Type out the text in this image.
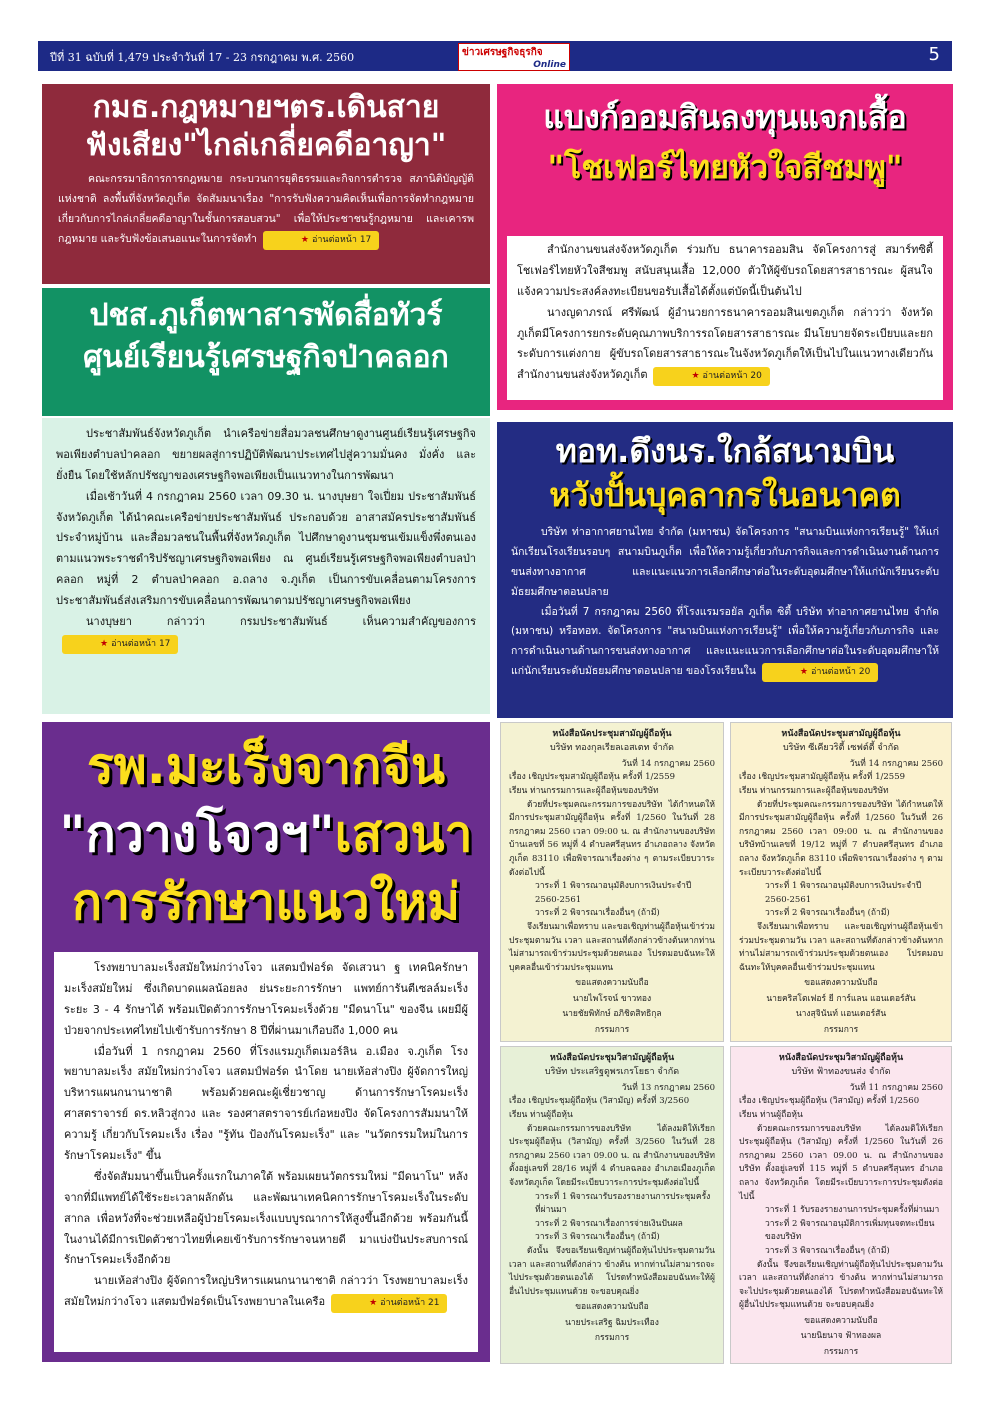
ปีที่ 31 ฉบับที่ 1,479 ประจำวันที่ 17 - 23 กรกฎาคม พ.ศ. 2560	ข่าวเศรษฐกิจธุรกิจ
Online	5
กมธ.กฎหมายฯตร.เดินสาย
ฟังเสียง"ไกล่เกลี่ยคดีอาญา"

คณะกรรมาธิการการกฎหมาย กระบวนการยุติธรรมและกิจการตำรวจ สภานิติบัญญัติแห่งชาติ ลงพื้นที่จังหวัดภูเก็ต จัดสัมมนาเรื่อง "การรับฟังความคิดเห็นเพื่อการจัดทำกฎหมายเกี่ยวกับการไกล่เกลี่ยคดีอาญาในชั้นการสอบสวน" เพื่อให้ประชาชนรู้กฎหมาย และเคารพกฎหมาย และรับฟังข้อเสนอแนะในการจัดทำ	★ อ่านต่อหน้า 17

แบงก์ออมสินลงทุนแจกเสื้อ
"โชเฟอร์ไทยหัวใจสีชมพู"

สำนักงานขนส่งจังหวัดภูเก็ต ร่วมกับ ธนาคารออมสิน จัดโครงการสู่ สมาร์ทซิตี้ โชเฟอร์ไทยหัวใจสีชมพู สนับสนุนเสื้อ 12,000 ตัวให้ผู้ขับรถโดยสารสาธารณะ ผู้สนใจ แจ้งความประสงค์ลงทะเบียนขอรับเสื้อได้ตั้งแต่บัดนี้เป็นต้นไป

นางญดาภรณ์ ศรีพัฒน์ ผู้อำนวยการธนาคารออมสินเขตภูเก็ต กล่าวว่า จังหวัดภูเก็ตมีโครงการยกระดับคุณภาพบริการรถโดยสารสาธารณะ มีนโยบายจัดระเบียบและยกระดับการแต่งกาย ผู้ขับรถโดยสารสาธารณะในจังหวัดภูเก็ตให้เป็นไปในแนวทางเดียวกัน สำนักงานขนส่งจังหวัดภูเก็ต	★ อ่านต่อหน้า 20

ปชส.ภูเก็ตพาสารพัดสื่อทัวร์
ศูนย์เรียนรู้เศรษฐกิจป่าคลอก

ประชาสัมพันธ์จังหวัดภูเก็ต นำเครือข่ายสื่อมวลชนศึกษาดูงานศูนย์เรียนรู้เศรษฐกิจพอเพียงตำบลป่าคลอก ขยายผลสู่การปฏิบัติพัฒนาประเทศไปสู่ความมั่นคง มั่งคั่ง และยั่งยืน โดยใช้หลักปรัชญาของเศรษฐกิจพอเพียงเป็นแนวทางในการพัฒนา

เมื่อเช้าวันที่ 4 กรกฎาคม 2560 เวลา 09.30 น. นางบุษยา ใจเปี่ยม ประชาสัมพันธ์จังหวัดภูเก็ต ได้นำคณะเครือข่ายประชาสัมพันธ์ ประกอบด้วย อาสาสมัครประชาสัมพันธ์ประจำหมู่บ้าน และสื่อมวลชนในพื้นที่จังหวัดภูเก็ต ไปศึกษาดูงานชุมชนเข้มแข็งพึ่งตนเอง ตามแนวพระราชดำริปรัชญาเศรษฐกิจพอเพียง ณ ศูนย์เรียนรู้เศรษฐกิจพอเพียงตำบลป่าคลอก หมู่ที่ 2 ตำบลป่าคลอก อ.ถลาง จ.ภูเก็ต เป็นการขับเคลื่อนตามโครงการประชาสัมพันธ์ส่งเสริมการขับเคลื่อนการพัฒนาตามปรัชญาเศรษฐกิจพอเพียง

นางบุษยา กล่าวว่า กรมประชาสัมพันธ์ เห็นความสำคัญของการ★ อ่านต่อหน้า 17

ทอท.ดึงนร.ใกล้สนามบิน
หวังปั้นบุคลากรในอนาคต

บริษัท ท่าอากาศยานไทย จำกัด (มหาชน) จัดโครงการ "สนามบินแห่งการเรียนรู้" ให้แก่นักเรียนโรงเรียนรอบๆ สนามบินภูเก็ต เพื่อให้ความรู้เกี่ยวกับภารกิจและการดำเนินงานด้านการขนส่งทางอากาศ และแนะแนวการเลือกศึกษาต่อในระดับอุดมศึกษาให้แก่นักเรียนระดับมัธยมศึกษาตอนปลาย

เมื่อวันที่ 7 กรกฎาคม 2560 ที่โรงแรมรอยัล ภูเก็ต ซิตี้ บริษัท ท่าอากาศยานไทย จำกัด (มหาชน) หรือทอท. จัดโครงการ "สนามบินแห่งการเรียนรู้" เพื่อให้ความรู้เกี่ยวกับภารกิจ และการดำเนินงานด้านการขนส่งทางอากาศ และแนะแนวการเลือกศึกษาต่อในระดับอุดมศึกษาให้แก่นักเรียนระดับมัธยมศึกษาตอนปลาย ของโรงเรียนใน	★ อ่านต่อหน้า 20

รพ.มะเร็งจากจีน
"กวางโจวฯ"เสวนา
การรักษาแนวใหม่

โรงพยาบาลมะเร็งสมัยใหม่กว่างโจว แสตมป์ฟอร์ด จัดเสวนา ฐ เทคนิครักษามะเร็งสมัยใหม่ ซึ่งเกิดบาดแผลน้อยลง ย่นระยะการรักษา แพทย์การันตีเซลล์มะเร็งระยะ 3 - 4 รักษาได้ พร้อมเปิดตัวการรักษาโรคมะเร็งด้วย "มีดนาโน" ของจีน เผยมีผู้ป่วยจากประเทศไทยไปเข้ารับการรักษา 8 ปีที่ผ่านมาเกือบถึง 1,000 คน

เมื่อวันที่ 1 กรกฎาคม 2560 ที่โรงแรมภูเก็ตเมอร์ลิน อ.เมือง จ.ภูเก็ต โรงพยาบาลมะเร็ง สมัยใหม่กว่างโจว แสตมป์ฟอร์ด นำโดย นายเห้อส่างปิง ผู้จัดการใหญ่ บริหารแผนกนานาชาติ พร้อมด้วยคณะผู้เชี่ยวชาญ ด้านการรักษาโรคมะเร็ง ศาสตราจารย์ ดร.หลิวสู่กวง และ รองศาสตราจารย์เก๋อหยงปิง จัดโครงการสัมมนาให้ความรู้ เกี่ยวกับโรคมะเร็ง เรื่อง "รู้ทัน ป้องกันโรคมะเร็ง" และ "นวัตกรรมใหม่ในการรักษาโรคมะเร็ง" ขึ้น

ซึ่งจัดสัมมนาขึ้นเป็นครั้งแรกในภาคใต้ พร้อมเผยนวัตกรรมใหม่ "มีดนาโน" หลังจากที่มีแพทย์ได้ใช้ระยะเวลาผลักดัน และพัฒนาเทคนิคการรักษาโรคมะเร็งในระดับสากล เพื่อหวังที่จะช่วยเหลือผู้ป่วยโรคมะเร็งแบบบูรณาการให้สูงขึ้นอีกด้วย พร้อมกันนี้ในงานได้มีการเปิดตัวชาวไทยที่เคยเข้ารับการรักษาจนหายดี มาแบ่งปันประสบการณ์รักษาโรคมะเร็งอีกด้วย

นายเห้อส่างปิง ผู้จัดการใหญ่บริหารแผนกนานาชาติ กล่าวว่า โรงพยาบาลมะเร็งสมัยใหม่กว่างโจว แสตมป์ฟอร์ดเป็นโรงพยาบาลในเครือ	★ อ่านต่อหน้า 21

หนังสือนัดประชุมสามัญผู้ถือหุ้น
บริษัท ทองกุลเรียลเอสเตท จำกัด
วันที่ 14 กรกฎาคม 2560
เรื่อง เชิญประชุมสามัญผู้ถือหุ้น ครั้งที่ 1/2559
เรียน ท่านกรรมการและผู้ถือหุ้นของบริษัท

ด้วยที่ประชุมคณะกรรมการของบริษัท ได้กำหนดให้มีการประชุมสามัญผู้ถือหุ้น ครั้งที่ 1/2560 ในวันที่ 28 กรกฎาคม 2560 เวลา 09:00 น. ณ สำนักงานของบริษัทบ้านเลขที่ 56 หมู่ที่ 4 ตำบลศรีสุนทร อำเภอถลาง จังหวัดภูเก็ต 83110 เพื่อพิจารณาเรื่องต่าง ๆ ตามระเบียบวาระดังต่อไปนี้

วาระที่ 1 พิจารณาอนุมัติงบการเงินประจำปี 2560-2561

วาระที่ 2 พิจารณาเรื่องอื่นๆ (ถ้ามี)

จึงเรียนมาเพื่อทราบ และขอเชิญท่านผู้ถือหุ้นเข้าร่วมประชุมตามวัน เวลา และสถานที่ดังกล่าวข้างต้นหากท่านไม่สามารถเข้าร่วมประชุมด้วยตนเอง โปรดมอบฉันทะให้บุคคลอื่นเข้าร่วมประชุมแทน

ขอแสดงความนับถือ
นายไพโรจน์ ขาวทอง
นายชัยพิทักษ์ อภิชิตสิทธิกุล
กรรมการ
หนังสือนัดประชุมสามัญผู้ถือหุ้น
บริษัท ซีเคียวริตี้ เซฟต์ตี้ จำกัด
วันที่ 14 กรกฎาคม 2560
เรื่อง เชิญประชุมสามัญผู้ถือหุ้น ครั้งที่ 1/2559
เรียน ท่านกรรมการและผู้ถือหุ้นของบริษัท

ด้วยที่ประชุมคณะกรรมการของบริษัท ได้กำหนดให้มีการประชุมสามัญผู้ถือหุ้น ครั้งที่ 1/2560 ในวันที่ 26 กรกฎาคม 2560 เวลา 09:00 น. ณ สำนักงานของบริษัทบ้านเลขที่ 19/12 หมู่ที่ 7 ตำบลศรีสุนทร อำเภอถลาง จังหวัดภูเก็ต 83110 เพื่อพิจารณาเรื่องต่าง ๆ ตามระเบียบวาระดังต่อไปนี้

วาระที่ 1 พิจารณาอนุมัติงบการเงินประจำปี 2560-2561

วาระที่ 2 พิจารณาเรื่องอื่นๆ (ถ้ามี)

จึงเรียนมาเพื่อทราบ และขอเชิญท่านผู้ถือหุ้นเข้าร่วมประชุมตามวัน เวลา และสถานที่ดังกล่าวข้างต้นหากท่านไม่สามารถเข้าร่วมประชุมด้วยตนเอง โปรดมอบฉันทะให้บุคคลอื่นเข้าร่วมประชุมแทน

ขอแสดงความนับถือ
นายคริสโตเฟอร์ ยี การ์แลน แอนเดอร์สัน
นางสุจินันท์ แอนเดอร์สัน
กรรมการ
หนังสือนัดประชุมวิสามัญผู้ถือหุ้น
บริษัท ประเสริฐดูพรเกรโยธา จำกัด
วันที่ 13 กรกฎาคม 2560
เรื่อง เชิญประชุมผู้ถือหุ้น (วิสามัญ) ครั้งที่ 3/2560
เรียน ท่านผู้ถือหุ้น

ด้วยคณะกรรมการของบริษัท ได้ลงมติให้เรียกประชุมผู้ถือหุ้น (วิสามัญ) ครั้งที่ 3/2560 ในวันที่ 28 กรกฎาคม 2560 เวลา 09.00 น. ณ สำนักงานของบริษัท ตั้งอยู่เลขที่ 28/16 หมู่ที่ 4 ตำบลฉลอง อำเภอเมืองภูเก็ต จังหวัดภูเก็ต โดยมีระเบียบวาระการประชุมดังต่อไปนี้

วาระที่ 1 พิจารณารับรองรายงานการประชุมครั้งที่ผ่านมา

วาระที่ 2 พิจารณาเรื่องการจ่ายเงินปันผล

วาระที่ 3 พิจารณาเรื่องอื่นๆ (ถ้ามี)

ดังนั้น จึงขอเรียนเชิญท่านผู้ถือหุ้นไปประชุมตามวัน เวลา และสถานที่ดังกล่าว ข้างต้น หากท่านไม่สามารถจะไปประชุมด้วยตนเองได้ โปรดทำหนังสือมอบฉันทะให้ผู้อื่นไปประชุมแทนด้วย จะขอบคุณยิ่ง

ขอแสดงความนับถือ
นายประเสริฐ ฉิมประเทือง
กรรมการ
หนังสือนัดประชุมวิสามัญผู้ถือหุ้น
บริษัท ฟ้าทองขนส่ง จำกัด
วันที่ 11 กรกฎาคม 2560
เรื่อง เชิญประชุมผู้ถือหุ้น (วิสามัญ) ครั้งที่ 1/2560
เรียน ท่านผู้ถือหุ้น

ด้วยคณะกรรมการของบริษัท ได้ลงมติให้เรียกประชุมผู้ถือหุ้น (วิสามัญ) ครั้งที่ 1/2560 ในวันที่ 26 กรกฎาคม 2560 เวลา 09.00 น. ณ สำนักงานของบริษัท ตั้งอยู่เลขที่ 115 หมู่ที่ 5 ตำบลศรีสุนทร อำเภอถลาง จังหวัดภูเก็ต โดยมีระเบียบวาระการประชุมดังต่อไปนี้

วาระที่ 1 รับรองรายงานการประชุมครั้งที่ผ่านมา

วาระที่ 2 พิจารณาอนุมัติการเพิ่มทุนจดทะเบียนของบริษัท

วาระที่ 3 พิจารณาเรื่องอื่นๆ (ถ้ามี)

ดังนั้น จึงขอเรียนเชิญท่านผู้ถือหุ้นไปประชุมตามวัน เวลา และสถานที่ดังกล่าว ข้างต้น หากท่านไม่สามารถจะไปประชุมด้วยตนเองได้ โปรดทำหนังสือมอบฉันทะให้ผู้อื่นไปประชุมแทนด้วย จะขอบคุณยิ่ง

ขอแสดงความนับถือ
นายนิยนาจ ฟ้าทองผล
กรรมการ
